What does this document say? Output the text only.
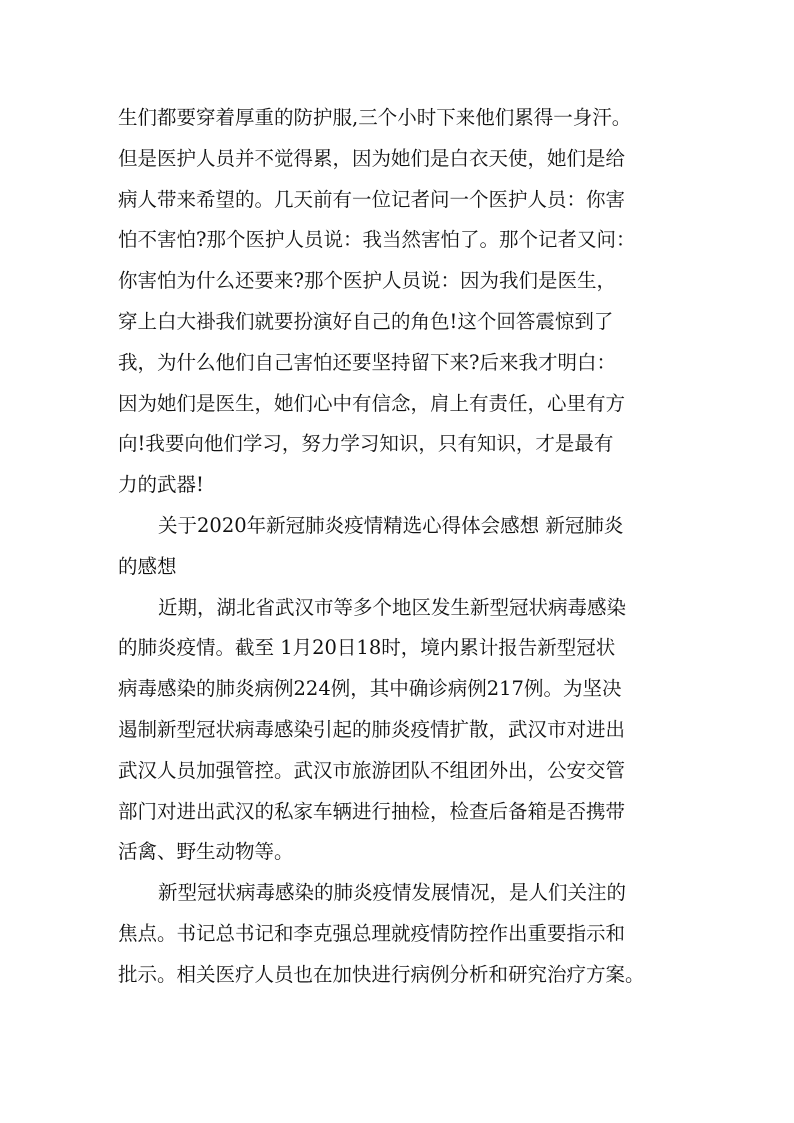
生们都要穿着厚重的防护服,三个小时下来他们累得一身汗。
但是医护人员并不觉得累，因为她们是白衣天使，她们是给
病人带来希望的。几天前有一位记者问一个医护人员：你害
怕不害怕?那个医护人员说：我当然害怕了。那个记者又问：
你害怕为什么还要来?那个医护人员说：因为我们是医生，
穿上白大褂我们就要扮演好自己的角色!这个回答震惊到了
我，为什么他们自己害怕还要坚持留下来?后来我才明白：
因为她们是医生，她们心中有信念，肩上有责任，心里有方
向!我要向他们学习，努力学习知识，只有知识，才是最有
力的武器!
关于2020年新冠肺炎疫情精选心得体会感想 新冠肺炎
的感想
近期，湖北省武汉市等多个地区发生新型冠状病毒感染
的肺炎疫情。截至 1月20日18时，境内累计报告新型冠状
病毒感染的肺炎病例224例，其中确诊病例217例。为坚决
遏制新型冠状病毒感染引起的肺炎疫情扩散，武汉市对进出
武汉人员加强管控。武汉市旅游团队不组团外出，公安交管
部门对进出武汉的私家车辆进行抽检，检查后备箱是否携带
活禽、野生动物等。
新型冠状病毒感染的肺炎疫情发展情况，是人们关注的
焦点。书记总书记和李克强总理就疫情防控作出重要指示和
批示。相关医疗人员也在加快进行病例分析和研究治疗方案。
